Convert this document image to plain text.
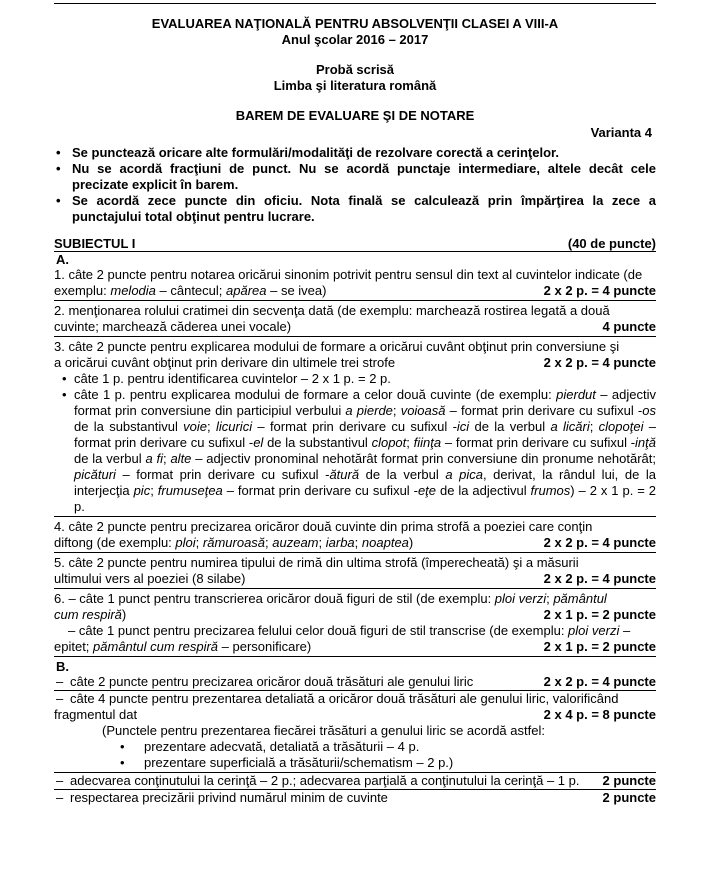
EVALUAREA NAŢIONALĂ PENTRU ABSOLVENŢII CLASEI A VIII-A
Anul şcolar 2016 – 2017
Probă scrisă
Limba şi literatura română
BAREM DE EVALUARE ŞI DE NOTARE
Varianta 4
• Se punctează oricare alte formulări/modalităţi de rezolvare corectă a cerinţelor.
• Nu se acordă fracţiuni de punct. Nu se acordă punctaje intermediare, altele decât cele precizate explicit în barem.
• Se acordă zece puncte din oficiu. Nota finală se calculează prin împărţirea la zece a punctajului total obţinut pentru lucrare.
SUBIECTUL I	(40 de puncte)
A.
1. câte 2 puncte pentru notarea oricărui sinonim potrivit pentru sensul din text al cuvintelor indicate (de
exemplu: melodia – cântecul; apărea – se ivea)	2 x 2 p. = 4 puncte
2. menţionarea rolului cratimei din secvenţa dată (de exemplu: marchează rostirea legată a două
cuvinte; marchează căderea unei vocale)	4 puncte
3. câte 2 puncte pentru explicarea modului de formare a oricărui cuvânt obţinut prin conversiune şi
a oricărui cuvânt obţinut prin derivare din ultimele trei strofe	2 x 2 p. = 4 puncte
• câte 1 p. pentru identificarea cuvintelor – 2 x 1 p. = 2 p.
• câte 1 p. pentru explicarea modului de formare a celor două cuvinte (de exemplu: pierdut – adjectiv format prin conversiune din participiul verbului a pierde; voioasă – format prin derivare cu sufixul -os de la substantivul voie; licurici – format prin derivare cu sufixul -ici de la verbul a licări; clopoţei – format prin derivare cu sufixul -el de la substantivul clopot; fiinţa – format prin derivare cu sufixul -inţă de la verbul a fi; alte – adjectiv pronominal nehotărât format prin conversiune din pronume nehotărât; picături – format prin derivare cu sufixul -ătură de la verbul a pica, derivat, la rândul lui, de la interjecţia pic; frumuseţea – format prin derivare cu sufixul -eţe de la adjectivul frumos) – 2 x 1 p. = 2 p.
4. câte 2 puncte pentru precizarea oricăror două cuvinte din prima strofă a poeziei care conţin
diftong (de exemplu: ploi; rămuroasă; auzeam; iarba; noaptea)	2 x 2 p. = 4 puncte
5. câte 2 puncte pentru numirea tipului de rimă din ultima strofă (împerecheată) şi a măsurii
ultimului vers al poeziei (8 silabe)	2 x 2 p. = 4 puncte
6. – câte 1 punct pentru transcrierea oricăror două figuri de stil (de exemplu: ploi verzi; pământul
cum respiră)	2 x 1 p. = 2 puncte
– câte 1 punct pentru precizarea felului celor două figuri de stil transcrise (de exemplu: ploi verzi –
epitet; pământul cum respiră – personificare)	2 x 1 p. = 2 puncte
B.
– câte 2 puncte pentru precizarea oricăror două trăsături ale genului liric	2 x 2 p. = 4 puncte
– câte 4 puncte pentru prezentarea detaliată a oricăror două trăsături ale genului liric, valorificând
fragmentul dat	2 x 4 p. = 8 puncte
(Punctele pentru prezentarea fiecărei trăsături a genului liric se acordă astfel:
• prezentare adecvată, detaliată a trăsăturii – 4 p.
• prezentare superficială a trăsăturii/schematism – 2 p.)
– adecvarea conţinutului la cerinţă – 2 p.; adecvarea parţială a conţinutului la cerinţă – 1 p.	2 puncte
– respectarea precizării privind numărul minim de cuvinte	2 puncte
